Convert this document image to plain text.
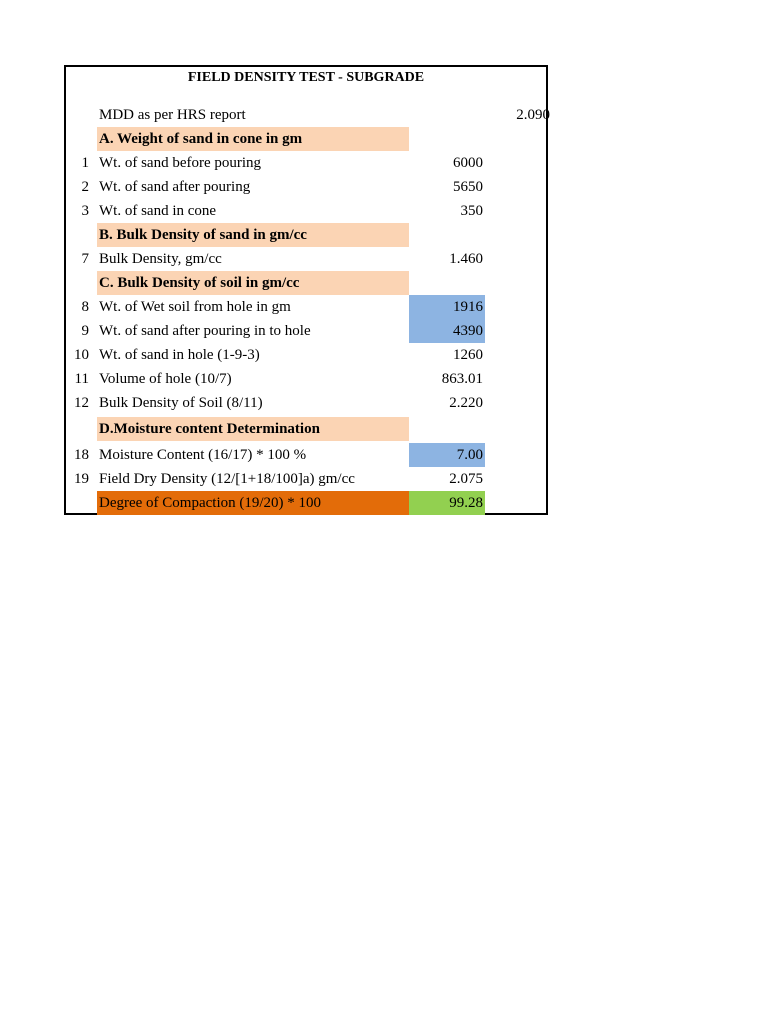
FIELD DENSITY TEST - SUBGRADE
MDD as per HRS report	2.090
A. Weight of sand in cone in gm
1 Wt. of sand before pouring	6000
2 Wt. of sand after pouring	5650
3 Wt. of sand in cone	350
B. Bulk Density of sand in gm/cc
7 Bulk Density, gm/cc	1.460
C. Bulk Density of soil in gm/cc
8 Wt. of Wet soil from hole in gm	1916
9 Wt. of sand after pouring in to hole	4390
10 Wt. of sand in hole (1-9-3)	1260
11 Volume of hole (10/7)	863.01
12 Bulk Density of Soil (8/11)	2.220
D.Moisture content Determination
18 Moisture Content (16/17) * 100 %	7.00
19 Field Dry Density (12/[1+18/100]a) gm/cc	2.075
Degree of Compaction (19/20) * 100	99.28
